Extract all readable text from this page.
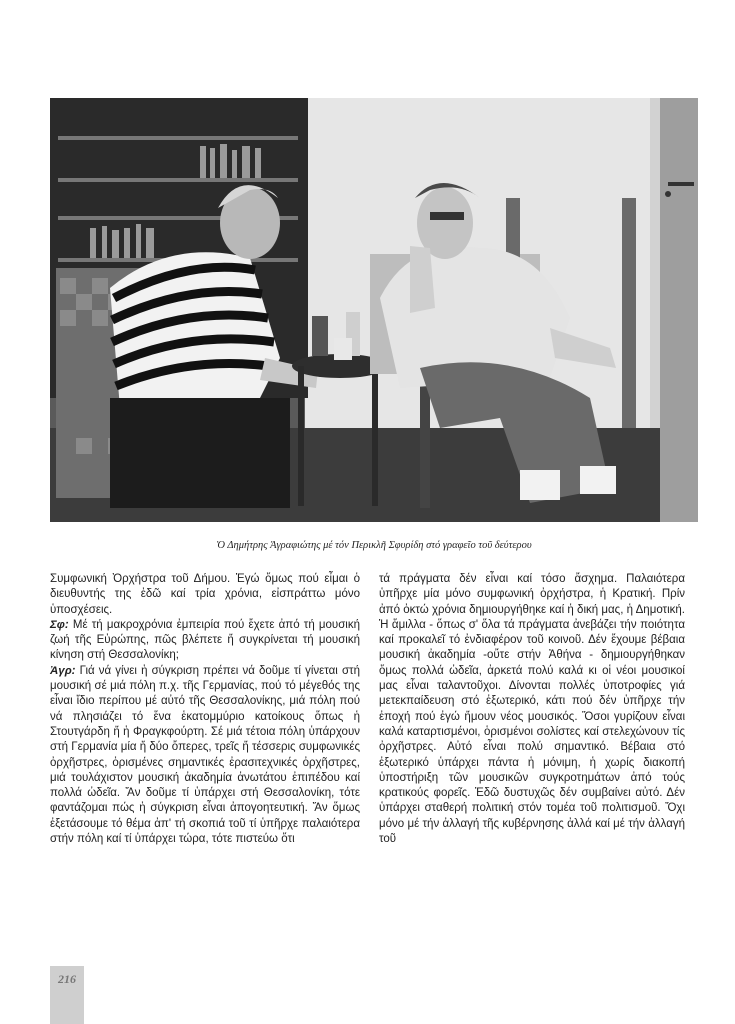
Ὁ Δημήτρης Ἀγραφιώτης μέ τόν Περικλῆ Σφυρίδη στό γραφεῖο τοῦ δεύτερου

Συμφωνική Ὀρχήστρα τοῦ Δήμου. Ἐγώ ὅμως πού εἶμαι ὁ διευθυντής της ἐδῶ καί τρία χρόνια, εἰσπράττω μόνο ὑποσχέσεις.

Σφ: Μέ τή μακροχρόνια ἐμπειρία πού ἔχετε ἀπό τή μουσική ζωή τῆς Εὐρώπης, πῶς βλέπετε ἤ συγκρίνεται τή μουσική κίνηση στή Θεσσαλονίκη;

Ἀγρ: Γιά νά γίνει ἡ σύγκριση πρέπει νά δοῦμε τί γίνεται στή μουσική σέ μιά πόλη π.χ. τῆς Γερμανίας, πού τό μέγεθός της εἶναι ἴδιο περίπου μέ αὐτό τῆς Θεσσαλονίκης, μιά πόλη πού νά πλησιάζει τό ἕνα ἑκατομμύριο κατοίκους ὅπως ἡ Στουτγάρδη ἤ ἡ Φραγκφούρτη. Σέ μιά τέτοια πόλη ὑπάρχουν στή Γερμανία μία ἤ δύο ὄπερες, τρεῖς ἤ τέσσερις συμφωνικές ὀρχῆστρες, ὁρισμένες σημαντικές ἐρασιτεχνικές ὀρχῆστρες, μιά τουλάχιστον μουσική ἀκαδημία ἀνωτάτου ἐπιπέδου καί πολλά ὠδεῖα. Ἄν δοῦμε τί ὑπάρχει στή Θεσσαλονίκη, τότε φαντάζομαι πώς ἡ σύγκριση εἶναι ἀπογοητευτική. Ἄν ὅμως ἐξετάσουμε τό θέμα ἀπ' τή σκοπιά τοῦ τί ὑπῆρχε παλαιότερα στήν πόλη καί τί ὑπάρχει τώρα, τότε πιστεύω ὅτι

τά πράγματα δέν εἶναι καί τόσο ἄσχημα. Παλαιότερα ὑπῆρχε μία μόνο συμφωνική ὀρχήστρα, ἡ Κρατική. Πρίν ἀπό ὀκτώ χρόνια δημιουργήθηκε καί ἡ δική μας, ἡ Δημοτική. Ἡ ἅμιλλα - ὅπως σ' ὅλα τά πράγματα ἀνεβάζει τήν ποιότητα καί προκαλεῖ τό ἐνδιαφέρον τοῦ κοινοῦ. Δέν ἔχουμε βέβαια μουσική ἀκαδημία -οὔτε στήν Ἀθήνα - δημιουργήθηκαν ὅμως πολλά ὠδεῖα, ἀρκετά πολύ καλά κι οἱ νέοι μουσικοί μας εἶναι ταλαντοῦχοι. Δίνονται πολλές ὑποτροφίες γιά μετεκπαίδευση στό ἐξωτερικό, κάτι πού δέν ὑπῆρχε τήν ἐποχή πού ἐγώ ἤμουν νέος μουσικός. Ὅσοι γυρίζουν εἶναι καλά καταρτισμένοι, ὁρισμένοι σολίστες καί στελεχώνουν τίς ὀρχῆστρες. Αὐτό εἶναι πολύ σημαντικό. Βέβαια στό ἐξωτερικό ὑπάρχει πάντα ἡ μόνιμη, ἡ χωρίς διακοπή ὑποστήριξη τῶν μουσικῶν συγκροτημάτων ἀπό τούς κρατικούς φορεῖς. Ἐδῶ δυστυχῶς δέν συμβαίνει αὐτό. Δέν ὑπάρχει σταθερή πολιτική στόν τομέα τοῦ πολιτισμοῦ. Ὄχι μόνο μέ τήν ἀλλαγή τῆς κυβέρνησης ἀλλά καί μέ τήν ἀλλαγή τοῦ

216
